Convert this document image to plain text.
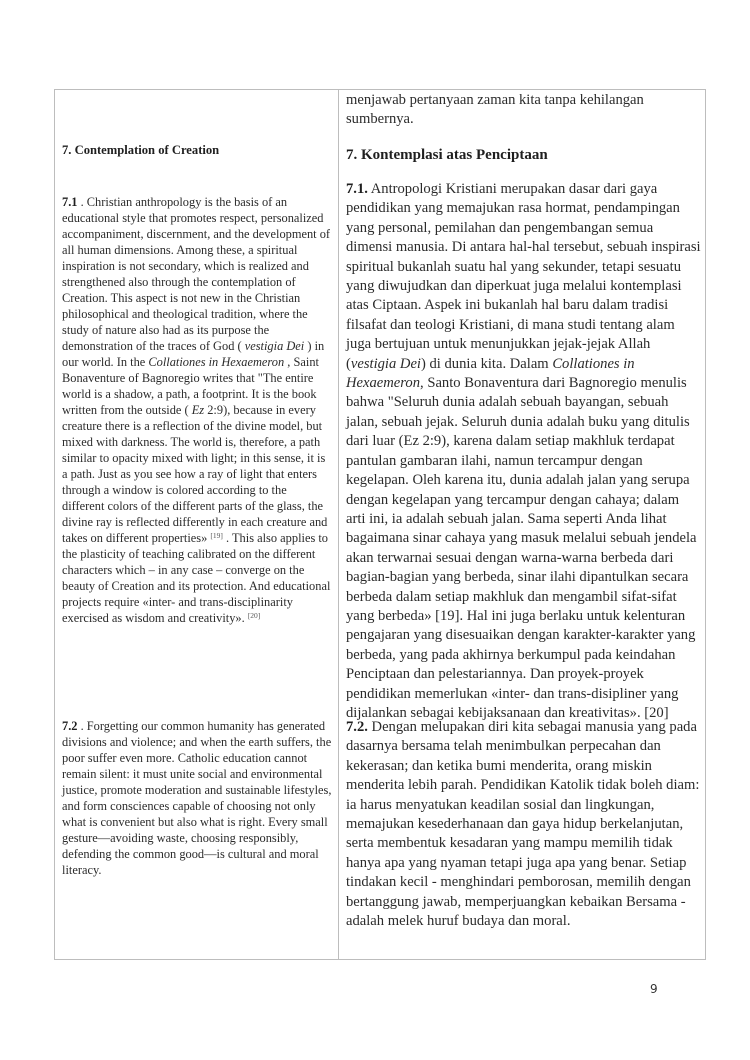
7. Contemplation of Creation

7.1 . Christian anthropology is the basis of an educational style that promotes respect, personalized accompaniment, discernment, and the development of all human dimensions. Among these, a spiritual inspiration is not secondary, which is realized and strengthened also through the contemplation of Creation. This aspect is not new in the Christian philosophical and theological tradition, where the study of nature also had as its purpose the demonstration of the traces of God ( vestigia Dei ) in our world. In the Collationes in Hexaemeron , Saint Bonaventure of Bagnoregio writes that "The entire world is a shadow, a path, a footprint. It is the book written from the outside ( Ez 2:9), because in every creature there is a reflection of the divine model, but mixed with darkness. The world is, therefore, a path similar to opacity mixed with light; in this sense, it is a path. Just as you see how a ray of light that enters through a window is colored according to the different colors of the different parts of the glass, the divine ray is reflected differently in each creature and takes on different properties» [19] . This also applies to the plasticity of teaching calibrated on the different characters which – in any case – converge on the beauty of Creation and its protection. And educational projects require «inter- and trans-disciplinarity exercised as wisdom and creativity». [20]

7.2 . Forgetting our common humanity has generated divisions and violence; and when the earth suffers, the poor suffer even more. Catholic education cannot remain silent: it must unite social and environmental justice, promote moderation and sustainable lifestyles, and form consciences capable of choosing not only what is convenient but also what is right. Every small gesture—avoiding waste, choosing responsibly, defending the common good—is cultural and moral literacy.

menjawab pertanyaan zaman kita tanpa kehilangan sumbernya.

7. Kontemplasi atas Penciptaan

7.1. Antropologi Kristiani merupakan dasar dari gaya pendidikan yang memajukan rasa hormat, pendampingan yang personal, pemilahan dan pengembangan semua dimensi manusia. Di antara hal-hal tersebut, sebuah inspirasi spiritual bukanlah suatu hal yang sekunder, tetapi sesuatu yang diwujudkan dan diperkuat juga melalui kontemplasi atas Ciptaan. Aspek ini bukanlah hal baru dalam tradisi filsafat dan teologi Kristiani, di mana studi tentang alam juga bertujuan untuk menunjukkan jejak-jejak Allah (vestigia Dei) di dunia kita. Dalam Collationes in Hexaemeron, Santo Bonaventura dari Bagnoregio menulis bahwa "Seluruh dunia adalah sebuah bayangan, sebuah jalan, sebuah jejak. Seluruh dunia adalah buku yang ditulis dari luar (Ez 2:9), karena dalam setiap makhluk terdapat pantulan gambaran ilahi, namun tercampur dengan kegelapan. Oleh karena itu, dunia adalah jalan yang serupa dengan kegelapan yang tercampur dengan cahaya; dalam arti ini, ia adalah sebuah jalan. Sama seperti Anda lihat bagaimana sinar cahaya yang masuk melalui sebuah jendela akan terwarnai sesuai dengan warna-warna berbeda dari bagian-bagian yang berbeda, sinar ilahi dipantulkan secara berbeda dalam setiap makhluk dan mengambil sifat-sifat yang berbeda» [19]. Hal ini juga berlaku untuk kelenturan pengajaran yang disesuaikan dengan karakter-karakter yang berbeda, yang pada akhirnya berkumpul pada keindahan Penciptaan dan pelestariannya. Dan proyek-proyek pendidikan memerlukan «inter- dan trans-disipliner yang dijalankan sebagai kebijaksanaan dan kreativitas». [20]

7.2. Dengan melupakan diri kita sebagai manusia yang pada dasarnya bersama telah menimbulkan perpecahan dan kekerasan; dan ketika bumi menderita, orang miskin menderita lebih parah. Pendidikan Katolik tidak boleh diam: ia harus menyatukan keadilan sosial dan lingkungan, memajukan kesederhanaan dan gaya hidup berkelanjutan, serta membentuk kesadaran yang mampu memilih tidak hanya apa yang nyaman tetapi juga apa yang benar. Setiap tindakan kecil - menghindari pemborosan, memilih dengan bertanggung jawab, memperjuangkan kebaikan Bersama - adalah melek huruf budaya dan moral.

9
